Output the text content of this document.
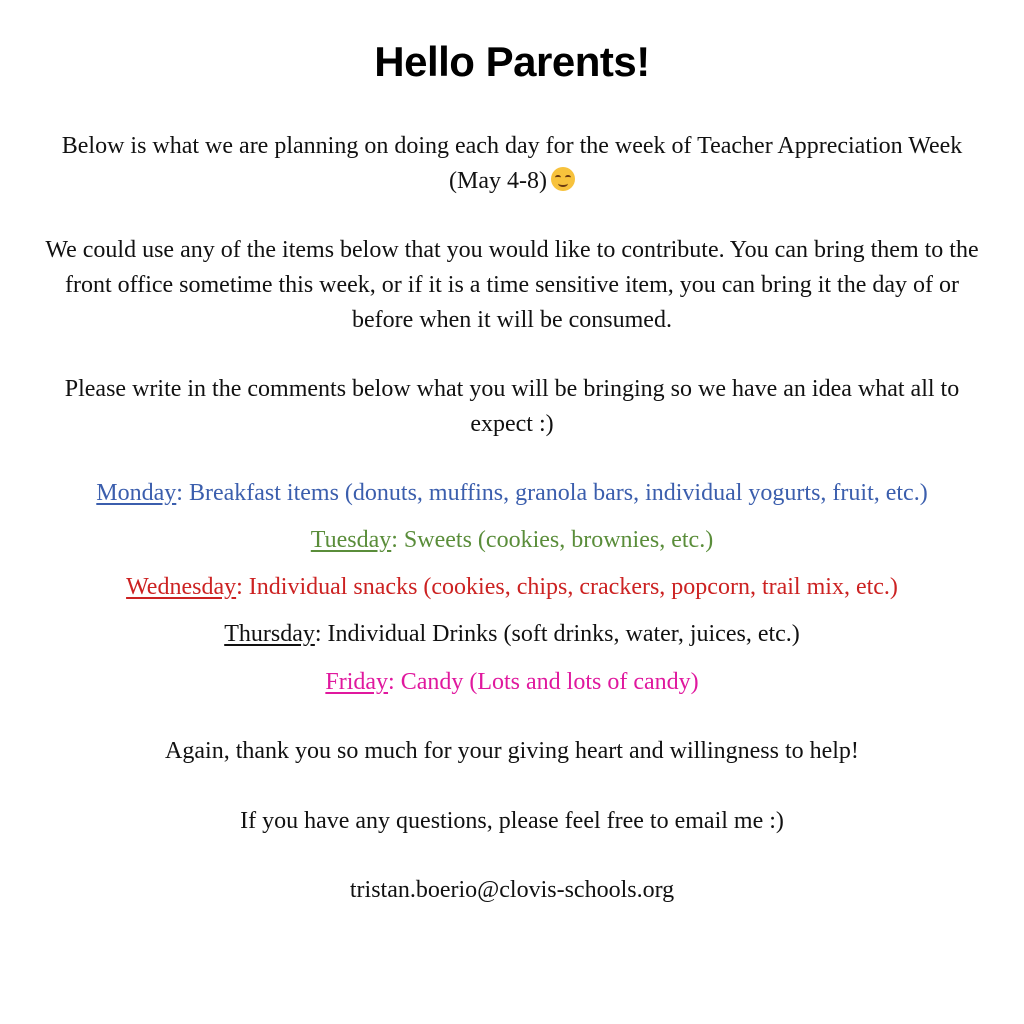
Hello Parents!

Below is what we are planning on doing each day for the week of Teacher Appreciation Week (May 4-8)

We could use any of the items below that you would like to contribute. You can bring them to the front office sometime this week, or if it is a time sensitive item, you can bring it the day of or before when it will be consumed.

Please write in the comments below what you will be bringing so we have an idea what all to expect :)

Monday: Breakfast items (donuts, muffins, granola bars, individual yogurts, fruit, etc.)

Tuesday: Sweets (cookies, brownies, etc.)

Wednesday: Individual snacks (cookies, chips, crackers, popcorn, trail mix, etc.)

Thursday: Individual Drinks (soft drinks, water, juices, etc.)

Friday: Candy (Lots and lots of candy)

Again, thank you so much for your giving heart and willingness to help!

If you have any questions, please feel free to email me :)

tristan.boerio@clovis-schools.org
